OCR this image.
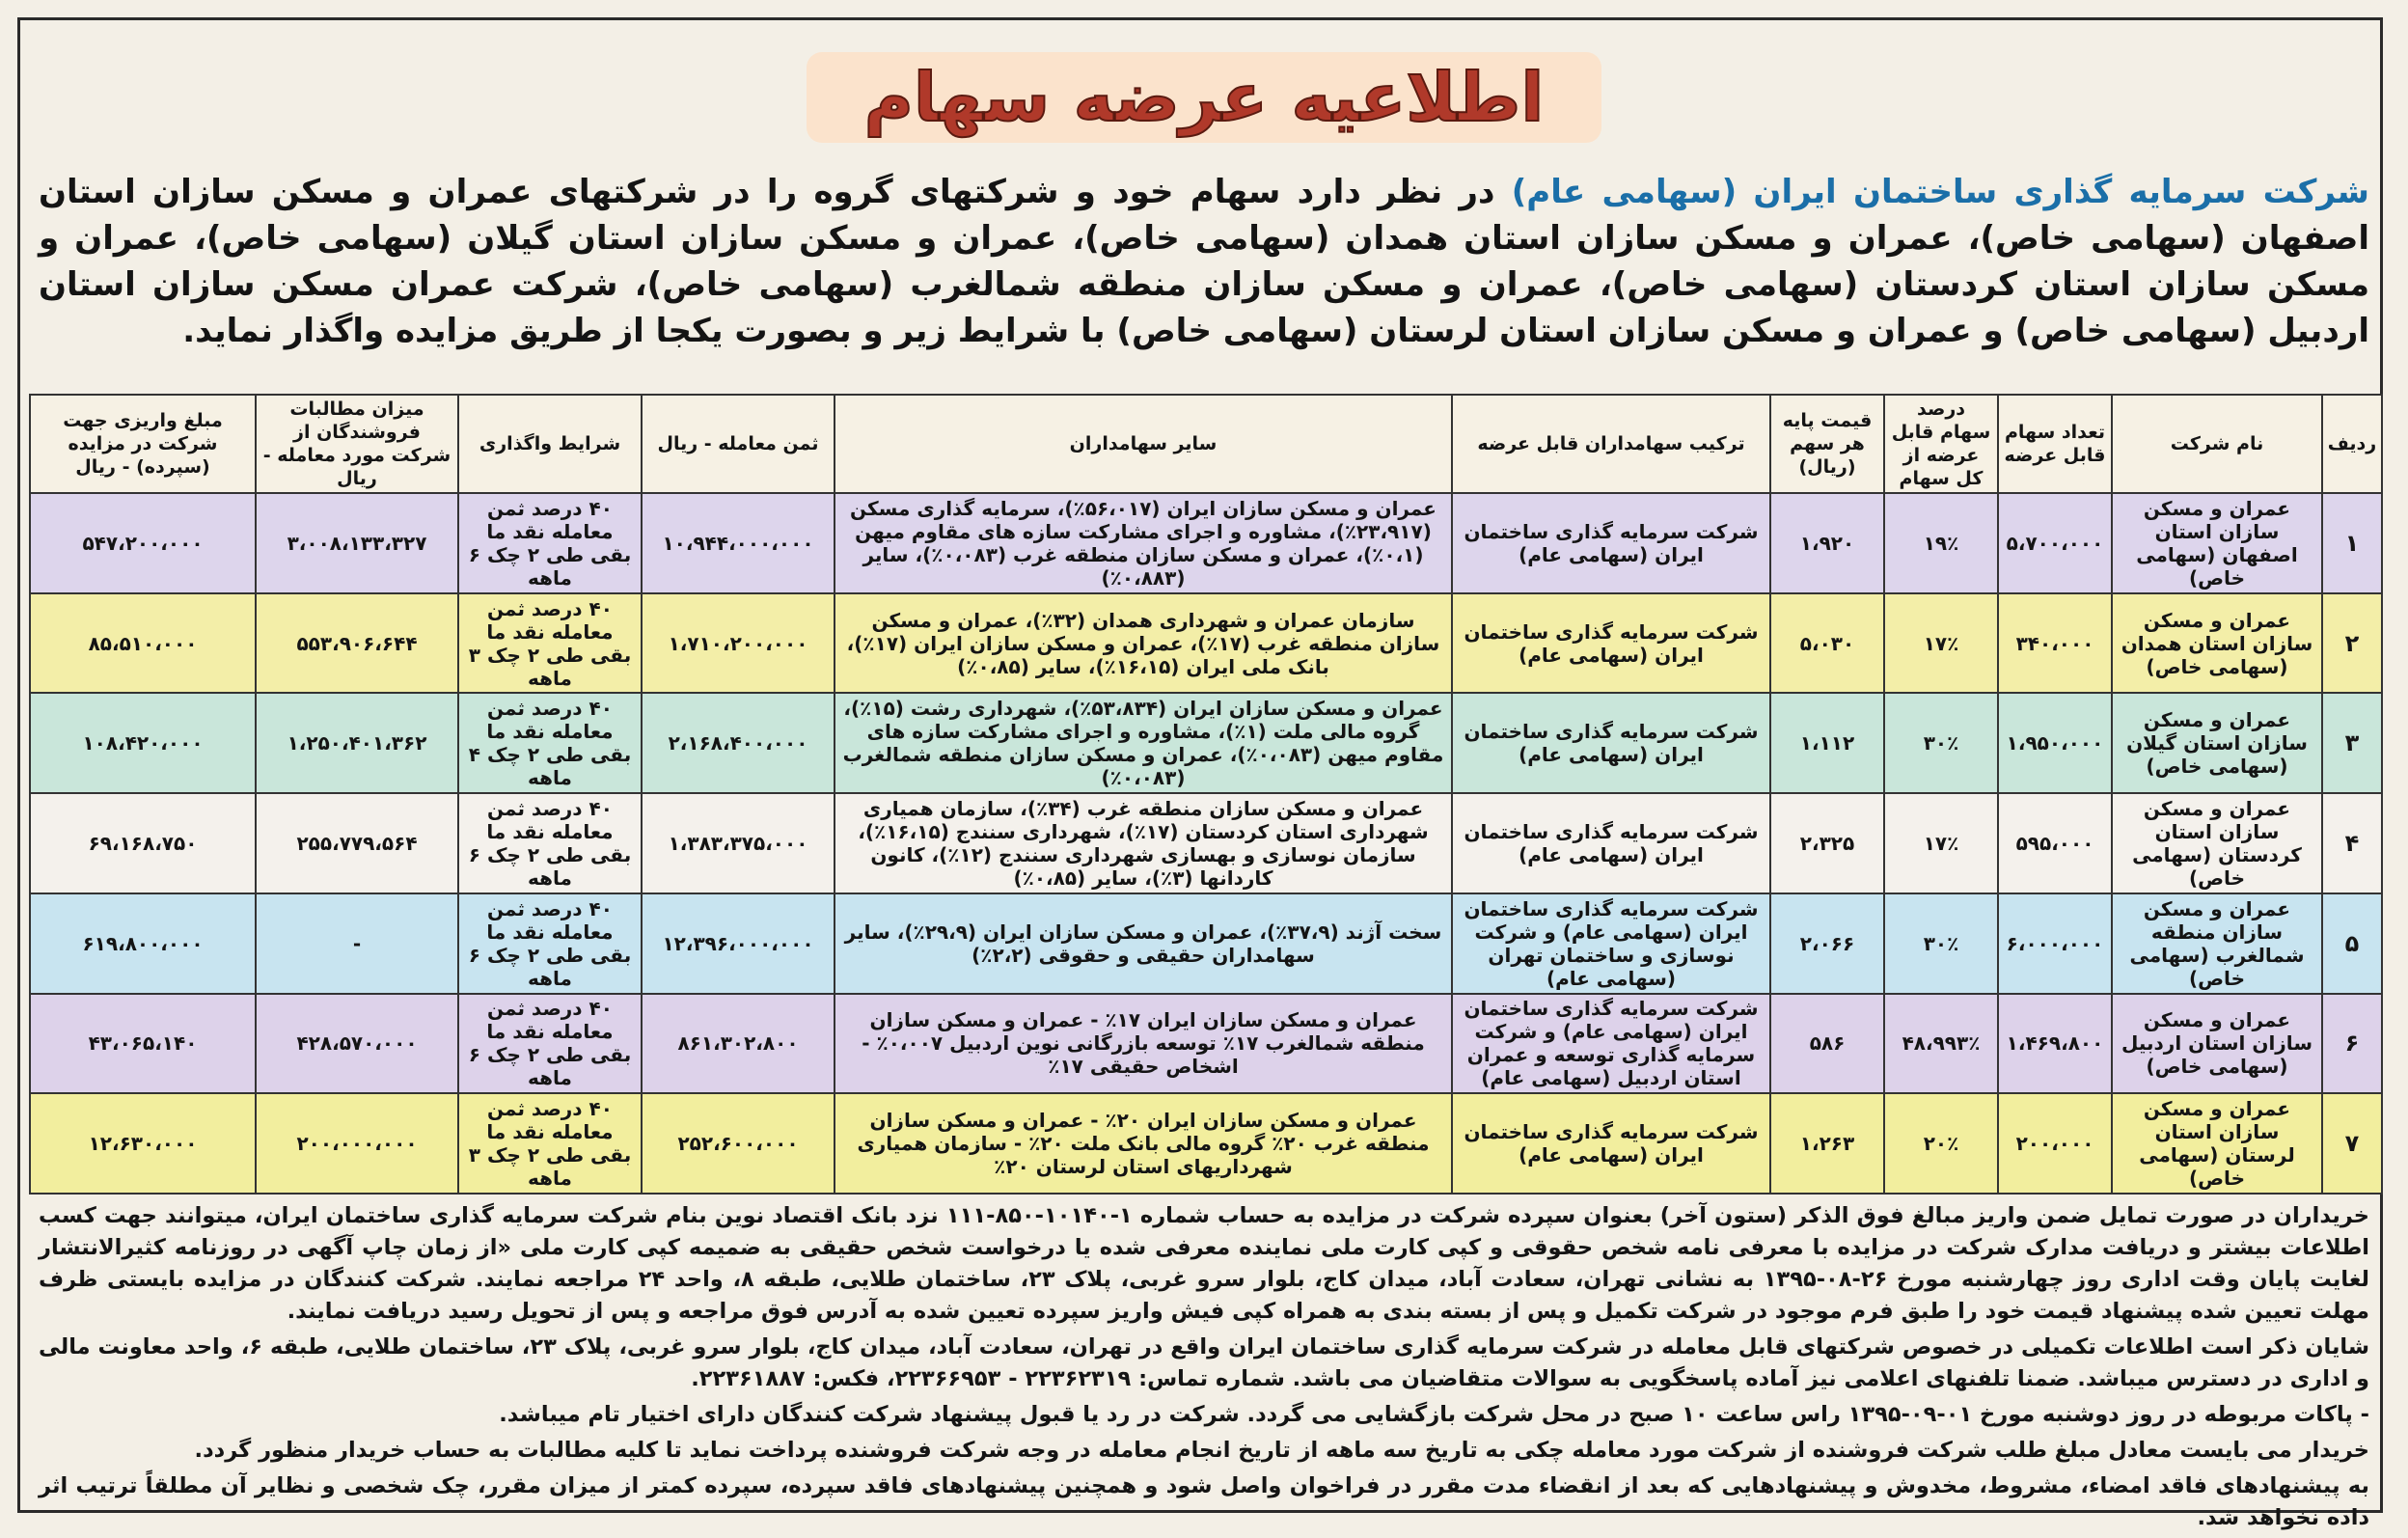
اطلاعیه عرضه سهام
شرکت سرمایه گذاری ساختمان ایران (سهامی عام) در نظر دارد سهام خود و شرکتهای گروه را در شرکتهای عمران و مسکن سازان استان اصفهان (سهامی خاص)، عمران و مسکن سازان استان همدان (سهامی خاص)، عمران و مسکن سازان استان گیلان (سهامی خاص)، عمران و مسکن سازان استان کردستان (سهامی خاص)، عمران و مسکن سازان منطقه شمالغرب (سهامی خاص)، شرکت عمران مسکن سازان استان اردبیل (سهامی خاص) و عمران و مسکن سازان استان لرستان (سهامی خاص) با شرایط زیر و بصورت یکجا از طریق مزایده واگذار نماید.
ردیف	نام شرکت	تعداد سهام قابل عرضه	درصد سهام قابل عرضه از کل سهام	قیمت پایه هر سهم (ریال)	ترکیب سهامداران قابل عرضه	سایر سهامداران	ثمن معامله - ریال	شرایط واگذاری	میزان مطالبات فروشندگان از شرکت مورد معامله - ریال	مبلغ واریزی جهت شرکت در مزایده (سپرده) - ریال
۱	عمران و مسکن سازان استان اصفهان (سهامی خاص)	۵،۷۰۰،۰۰۰	۱۹٪	۱،۹۲۰	شرکت سرمایه گذاری ساختمان ایران (سهامی عام)	عمران و مسکن سازان ایران (۵۶،۰۱۷٪)، سرمایه گذاری مسکن (۲۳،۹۱۷٪)، مشاوره و اجرای مشارکت سازه های مقاوم میهن (۰،۱٪)، عمران و مسکن سازان منطقه غرب (۰،۰۸۳٪)، سایر (۰،۸۸۳٪)	۱۰،۹۴۴،۰۰۰،۰۰۰	۴۰ درصد ثمن معامله نقد ما بقی طی ۲ چک ۶ ماهه	۳،۰۰۸،۱۳۳،۳۲۷	۵۴۷،۲۰۰،۰۰۰
۲	عمران و مسکن سازان استان همدان (سهامی خاص)	۳۴۰،۰۰۰	۱۷٪	۵،۰۳۰	شرکت سرمایه گذاری ساختمان ایران (سهامی عام)	سازمان عمران و شهرداری همدان (۳۲٪)، عمران و مسکن سازان منطقه غرب (۱۷٪)، عمران و مسکن سازان ایران (۱۷٪)، بانک ملی ایران (۱۶،۱۵٪)، سایر (۰،۸۵٪)	۱،۷۱۰،۲۰۰،۰۰۰	۴۰ درصد ثمن معامله نقد ما بقی طی ۲ چک ۳ ماهه	۵۵۳،۹۰۶،۶۴۴	۸۵،۵۱۰،۰۰۰
۳	عمران و مسکن سازان استان گیلان (سهامی خاص)	۱،۹۵۰،۰۰۰	۳۰٪	۱،۱۱۲	شرکت سرمایه گذاری ساختمان ایران (سهامی عام)	عمران و مسکن سازان ایران (۵۳،۸۳۴٪)، شهرداری رشت (۱۵٪)، گروه مالی ملت (۱٪)، مشاوره و اجرای مشارکت سازه های مقاوم میهن (۰،۰۸۳٪)، عمران و مسکن سازان منطقه شمالغرب (۰،۰۸۳٪)	۲،۱۶۸،۴۰۰،۰۰۰	۴۰ درصد ثمن معامله نقد ما بقی طی ۲ چک ۴ ماهه	۱،۲۵۰،۴۰۱،۳۶۲	۱۰۸،۴۲۰،۰۰۰
۴	عمران و مسکن سازان استان کردستان (سهامی خاص)	۵۹۵،۰۰۰	۱۷٪	۲،۳۲۵	شرکت سرمایه گذاری ساختمان ایران (سهامی عام)	عمران و مسکن سازان منطقه غرب (۳۴٪)، سازمان همیاری شهرداری استان کردستان (۱۷٪)، شهرداری سنندج (۱۶،۱۵٪)، سازمان نوسازی و بهسازی شهرداری سنندج (۱۲٪)، کانون کاردانها (۳٪)، سایر (۰،۸۵٪)	۱،۳۸۳،۳۷۵،۰۰۰	۴۰ درصد ثمن معامله نقد ما بقی طی ۲ چک ۶ ماهه	۲۵۵،۷۷۹،۵۶۴	۶۹،۱۶۸،۷۵۰
۵	عمران و مسکن سازان منطقه شمالغرب (سهامی خاص)	۶،۰۰۰،۰۰۰	۳۰٪	۲،۰۶۶	شرکت سرمایه گذاری ساختمان ایران (سهامی عام) و شرکت نوسازی و ساختمان تهران (سهامی عام)	سخت آژند (۳۷،۹٪)، عمران و مسکن سازان ایران (۲۹،۹٪)، سایر سهامداران حقیقی و حقوقی (۲،۲٪)	۱۲،۳۹۶،۰۰۰،۰۰۰	۴۰ درصد ثمن معامله نقد ما بقی طی ۲ چک ۶ ماهه	-	۶۱۹،۸۰۰،۰۰۰
۶	عمران و مسکن سازان استان اردبیل (سهامی خاص)	۱،۴۶۹،۸۰۰	۴۸،۹۹۳٪	۵۸۶	شرکت سرمایه گذاری ساختمان ایران (سهامی عام) و شرکت سرمایه گذاری توسعه و عمران استان اردبیل (سهامی عام)	عمران و مسکن سازان ایران ۱۷٪ - عمران و مسکن سازان منطقه شمالغرب ۱۷٪ توسعه بازرگانی نوین اردبیل ۰،۰۰۷٪ - اشخاص حقیقی ۱۷٪	۸۶۱،۳۰۲،۸۰۰	۴۰ درصد ثمن معامله نقد ما بقی طی ۲ چک ۶ ماهه	۴۲۸،۵۷۰،۰۰۰	۴۳،۰۶۵،۱۴۰
۷	عمران و مسکن سازان استان لرستان (سهامی خاص)	۲۰۰،۰۰۰	۲۰٪	۱،۲۶۳	شرکت سرمایه گذاری ساختمان ایران (سهامی عام)	عمران و مسکن سازان ایران ۲۰٪ - عمران و مسکن سازان منطقه غرب ۲۰٪ گروه مالی بانک ملت ۲۰٪ - سازمان همیاری شهرداریهای استان لرستان ۲۰٪	۲۵۲،۶۰۰،۰۰۰	۴۰ درصد ثمن معامله نقد ما بقی طی ۲ چک ۳ ماهه	۲۰۰،۰۰۰،۰۰۰	۱۲،۶۳۰،۰۰۰

خریداران در صورت تمایل ضمن واریز مبالغ فوق الذکر (ستون آخر) بعنوان سپرده شرکت در مزایده به حساب شماره ۱-۱۰۱۴۰-۸۵۰-۱۱۱ نزد بانک اقتصاد نوین بنام شرکت سرمایه گذاری ساختمان ایران، میتوانند جهت کسب اطلاعات بیشتر و دریافت مدارک شرکت در مزایده با معرفی نامه شخص حقوقی و کپی کارت ملی نماینده معرفی شده یا درخواست شخص حقیقی به ضمیمه کپی کارت ملی «از زمان چاپ آگهی در روزنامه کثیرالانتشار لغایت پایان وقت اداری روز چهارشنبه مورخ ۲۶-۰۸-۱۳۹۵ به نشانی تهران، سعادت آباد، میدان کاج، بلوار سرو غربی، پلاک ۲۳، ساختمان طلایی، طبقه ۸، واحد ۲۴ مراجعه نمایند. شرکت کنندگان در مزایده بایستی ظرف مهلت تعیین شده پیشنهاد قیمت خود را طبق فرم موجود در شرکت تکمیل و پس از بسته بندی به همراه کپی فیش واریز سپرده تعیین شده به آدرس فوق مراجعه و پس از تحویل رسید دریافت نمایند.

شایان ذکر است اطلاعات تکمیلی در خصوص شرکتهای قابل معامله در شرکت سرمایه گذاری ساختمان ایران واقع در تهران، سعادت آباد، میدان کاج، بلوار سرو غربی، پلاک ۲۳، ساختمان طلایی، طبقه ۶، واحد معاونت مالی و اداری در دسترس میباشد. ضمنا تلفنهای اعلامی نیز آماده پاسخگویی به سوالات متقاضیان می باشد. شماره تماس: ۲۲۳۶۲۳۱۹ - ۲۲۳۶۶۹۵۳، فکس: ۲۲۳۶۱۸۸۷.

- پاکات مربوطه در روز دوشنبه مورخ ۰۱-۰۹-۱۳۹۵ راس ساعت ۱۰ صبح در محل شرکت بازگشایی می گردد. شرکت در رد یا قبول پیشنهاد شرکت کنندگان دارای اختیار تام میباشد.

خریدار می بایست معادل مبلغ طلب شرکت فروشنده از شرکت مورد معامله چکی به تاریخ سه ماهه از تاریخ انجام معامله در وجه شرکت فروشنده پرداخت نماید تا کلیه مطالبات به حساب خریدار منظور گردد.

به پیشنهادهای فاقد امضاء، مشروط، مخدوش و پیشنهادهایی که بعد از انقضاء مدت مقرر در فراخوان واصل شود و همچنین پیشنهادهای فاقد سپرده، سپرده کمتر از میزان مقرر، چک شخصی و نظایر آن مطلقاً ترتیب اثر داده نخواهد شد.
